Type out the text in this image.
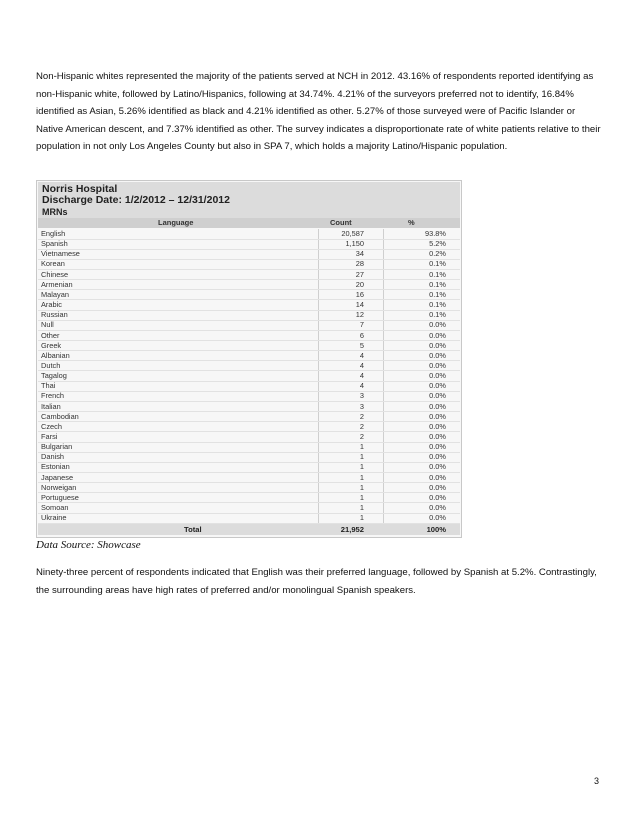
Non-Hispanic whites represented the majority of the patients served at NCH in 2012. 43.16% of respondents reported identifying as non-Hispanic white, followed by Latino/Hispanics, following at 34.74%. 4.21% of the surveyors preferred not to identify, 16.84% identified as Asian, 5.26% identified as black and 4.21% identified as other. 5.27% of those surveyed were of Pacific Islander or Native American descent, and 7.37% identified as other. The survey indicates a disproportionate rate of white patients relative to their population in not only Los Angeles County but also in SPA 7, which holds a majority Latino/Hispanic population.

Norris Hospital
Discharge Date: 1/2/2012 – 12/31/2012
MRNs
Language	Count	%
English	20,587	93.8%
Spanish	1,150	5.2%
Vietnamese	34	0.2%
Korean	28	0.1%
Chinese	27	0.1%
Armenian	20	0.1%
Malayan	16	0.1%
Arabic	14	0.1%
Russian	12	0.1%
Null	7	0.0%
Other	6	0.0%
Greek	5	0.0%
Albanian	4	0.0%
Dutch	4	0.0%
Tagalog	4	0.0%
Thai	4	0.0%
French	3	0.0%
Italian	3	0.0%
Cambodian	2	0.0%
Czech	2	0.0%
Farsi	2	0.0%
Bulgarian	1	0.0%
Danish	1	0.0%
Estonian	1	0.0%
Japanese	1	0.0%
Norweigan	1	0.0%
Portuguese	1	0.0%
Somoan	1	0.0%
Ukraine	1	0.0%
Total	21,952	100%
Data Source: Showcase

Ninety-three percent of respondents indicated that English was their preferred language, followed by Spanish at 5.2%. Contrastingly, the surrounding areas have high rates of preferred and/or monolingual Spanish speakers.

3
